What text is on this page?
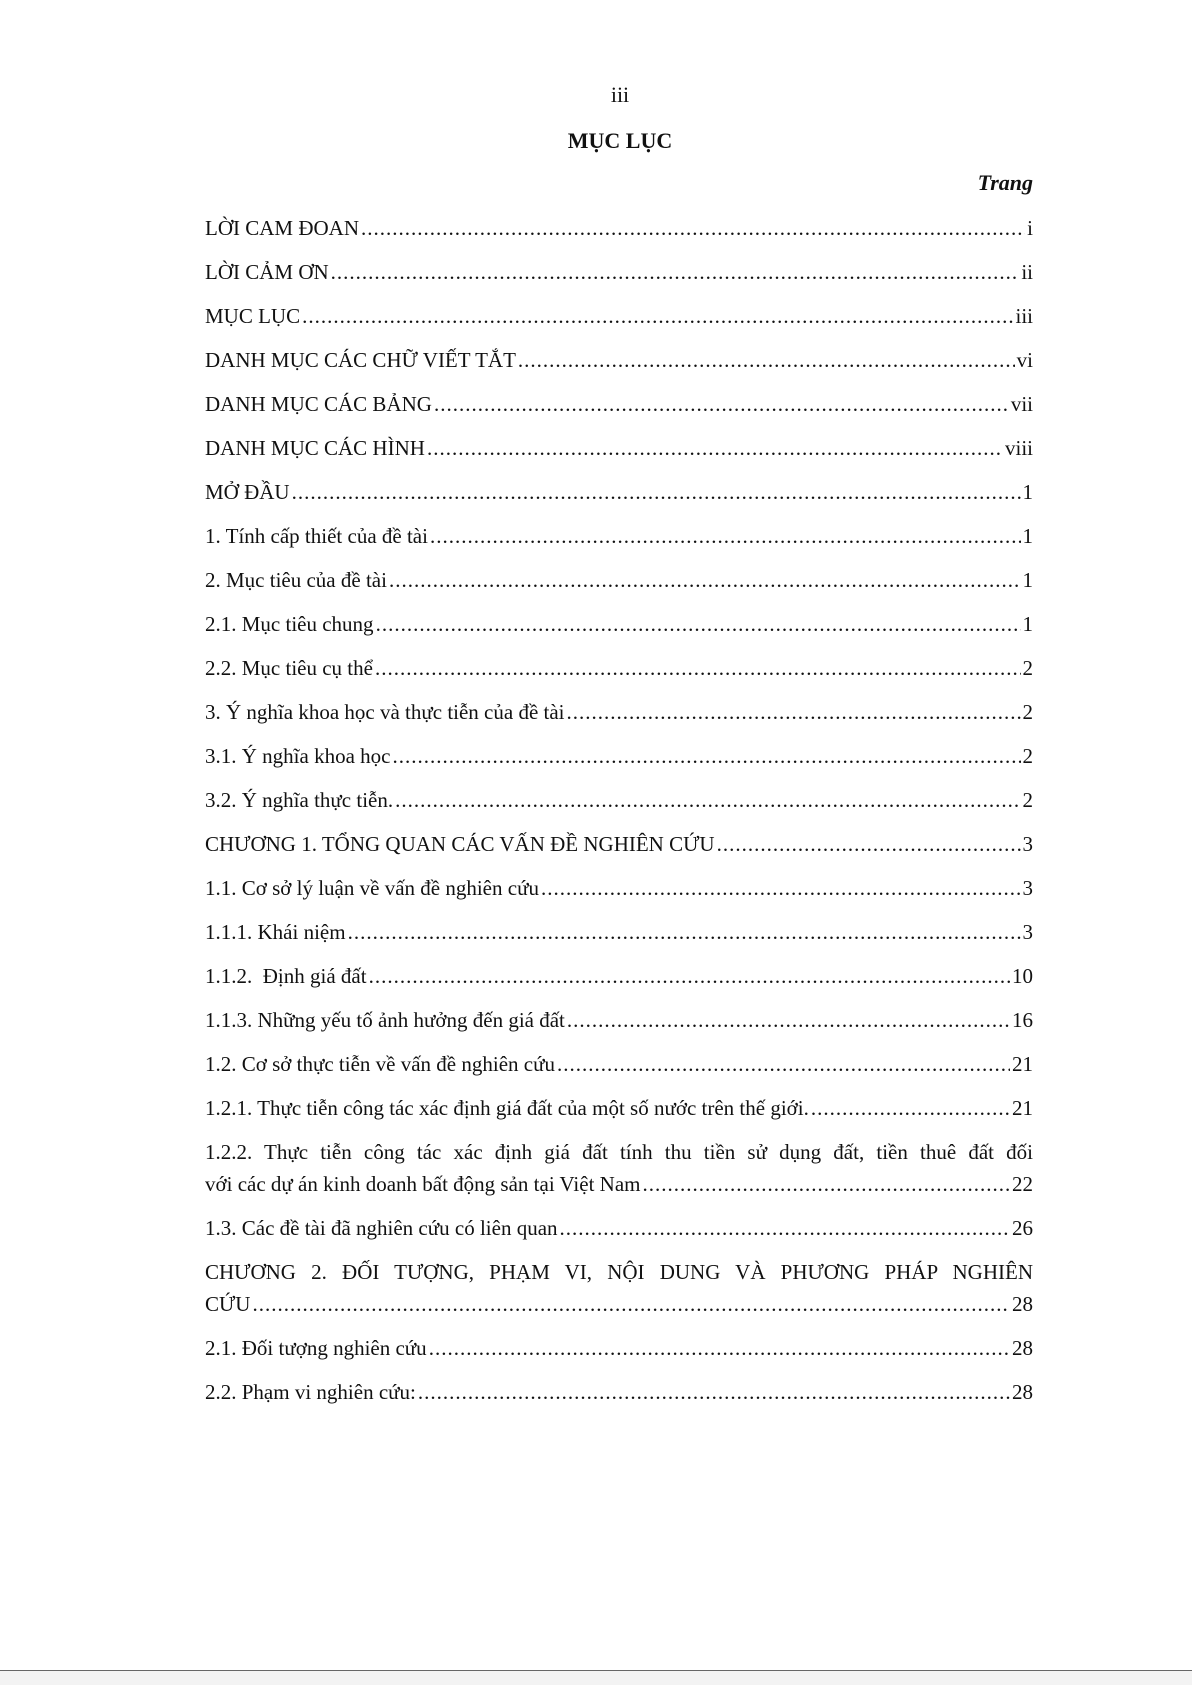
iii
MỤC LỤC
Trang
LỜI CAM ĐOAN .....	i
LỜI CẢM ƠN .....	ii
MỤC LỤC .....	iii
DANH MỤC CÁC CHỮ VIẾT TẮT .....	vi
DANH MỤC CÁC BẢNG .....	vii
DANH MỤC CÁC HÌNH .....	viii
MỞ ĐẦU .....	1
1. Tính cấp thiết của đề tài .....	1
2. Mục tiêu của đề tài .....	1
2.1. Mục tiêu chung .....	1
2.2. Mục tiêu cụ thể .....	2
3. Ý nghĩa khoa học và thực tiễn của đề tài .....	2
3.1. Ý nghĩa khoa học .....	2
3.2. Ý nghĩa thực tiễn. .....	2
CHƯƠNG 1. TỔNG QUAN CÁC VẤN ĐỀ NGHIÊN CỨU .....	3
1.1. Cơ sở lý luận về vấn đề nghiên cứu .....	3
1.1.1. Khái niệm .....	3
1.1.2.  Định giá đất .....	10
1.1.3. Những yếu tố ảnh hưởng đến giá đất .....	16
1.2. Cơ sở thực tiễn về vấn đề nghiên cứu .....	21
1.2.1. Thực tiễn công tác xác định giá đất của một số nước trên thế giới. .....	21
1.2.2. Thực tiễn công tác xác định giá đất tính thu tiền sử dụng đất, tiền thuê đất đối
với các dự án kinh doanh bất động sản tại Việt Nam .....	22
1.3. Các đề tài đã nghiên cứu có liên quan .....	26
CHƯƠNG 2. ĐỐI TƯỢNG, PHẠM VI, NỘI DUNG VÀ PHƯƠNG PHÁP NGHIÊN
CỨU .....	28
2.1. Đối tượng nghiên cứu .....	28
2.2. Phạm vi nghiên cứu: .....	28
